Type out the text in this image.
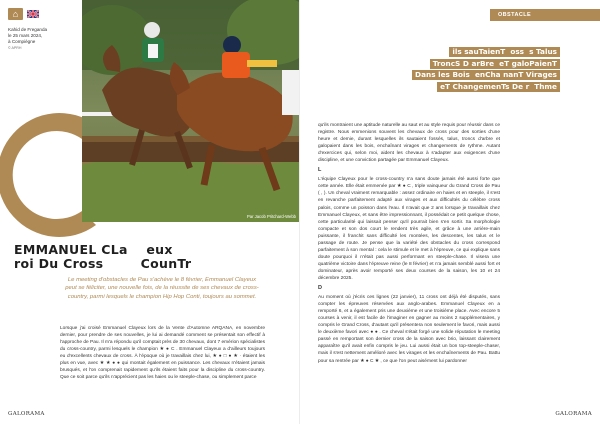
⌂
Kahid de Freganda
le 25 mars 2024,
à Compiègne
© APRH
Par Jacob Pritchard-Webb
EMMANUEL CLa    eux
roi Du Cross        CounTr
Le meeting d'obstacles de Pau s'achève le 8 février, Emmanuel Clayeux peut se féliciter, une nouvelle fois, de la réussite de ses chevaux de cross-country, parmi lesquels le champion Hip Hop Conti, toujours au sommet.
Lorsque j'ai croisé Emmanuel Clayeux lors de la Vente d'Automne ARQANA, en novembre dernier, pour prendre de ses nouvelles, je lui ai demandé comment se présentait son effectif à l'approche de Pau. Il m'a répondu qu'il comptait près de 30 chevaux, dont 7 emérion spécialistes du cross-country, parmi lesquels le champion ★ ● C . Emmanuel Clayeux a d'ailleurs toujours eu d'excellents chevaux de cross. À l'époque où je travaillais chez lui, ★ ● □ ● ★ · étaient les plus en vue, avec ★ ★ ● ● qui montait également en puissance. Les chevaux n'étaient jamais brusqués, et l'on comprenait rapidement qu'ils étaient faits pour la discipline du cross-country. Que ce soit parce qu'ils n'apprécient pas les haies ou le steeple-chase, ou simplement parce
GALORAMA
OBSTACLE
ils sauTaienT  oss  s Talus
TroncS D arBre  eT galoPaienT
Dans les Bois  enCha nanT Virages
eT ChangemenTs De r  Thme

qu'ils montraient une aptitude naturelle au saut et au style requis pour réussir dans ce registre. Nous emmenions souvent les chevaux de cross pour des sorties d'une heure et demie, durant lesquelles ils sautaient fossés, talus, troncs d'arbre et galopaient dans les bois, enchaînant virages et changements de rythme. Autant d'exercices qui, selon moi, aident les chevaux à s'adapter aux exigences d'une discipline, et une conviction partagée par Emmanuel Clayeux.

L

L'équipe Clayeux pour le cross-country n'a sans doute jamais été aussi forte que cette année. Elle était emmenée par ★ ● C , triple vainqueur du Grand Cross de Pau ( , ). Un cheval vraiment remarquable : assez ordinaire en haies et en steeple, il s'est en revanche parfaitement adapté aux virages et aux difficultés du célèbre cross palois, comme un poisson dans l'eau. Il n'avait que 2 ans lorsque je travaillais chez Emmanuel Clayeux, et sans être impressionnant, il possédait ce petit quelque chose, cette particularité qui laissait penser qu'il pourrait bien s'en sortir. Sa morphologie compacte et son dos court le rendent très agile, et grâce à une arrière-main puissante, il franchit sans difficulté les montées, les descentes, les talus et le passage de route. Je pense que la variété des obstacles du cross correspond parfaitement à son mental : cela le stimule et le met à l'épreuve, ce qui explique sans doute pourquoi il n'était pas aussi performant en steeple-chase. Il visera une quatrième victoire dans l'épreuve reine (le 8 février) et n'a jamais semblé aussi fort et dominateur, après avoir remporté ses deux courses de la saison, les 10 et 24 décembre 2025.

D

Au moment où j'écris ces lignes (22 janvier), 11 cross ont déjà été disputés, sans compter les épreuves réservées aux anglo-arabes. Emmanuel Clayeux en a remporté 6, et a également pris une deuxième et une troisième place. Avec encore 5 courses à venir, il est facile de l'imaginer en gagner au moins 2 supplémentaires, y compris le Grand Cross, d'autant qu'il présentera non seulement le favori, mais aussi le deuxième favori avec ● ● . Ce cheval s'était forgé une solide réputation le meeting passé en remportant son dernier cross de la saison avec brio, laissant clairement apparaître qu'il avait enfin compris le jeu. Lui aussi était un bon top-steeple-chaser, mais il s'est nettement amélioré avec les virages et les enchaînements de Pau. Battu pour sa rentrée par ★ ● C ★ , ce que l'on peut aisément lui pardonner

GALORAMA
